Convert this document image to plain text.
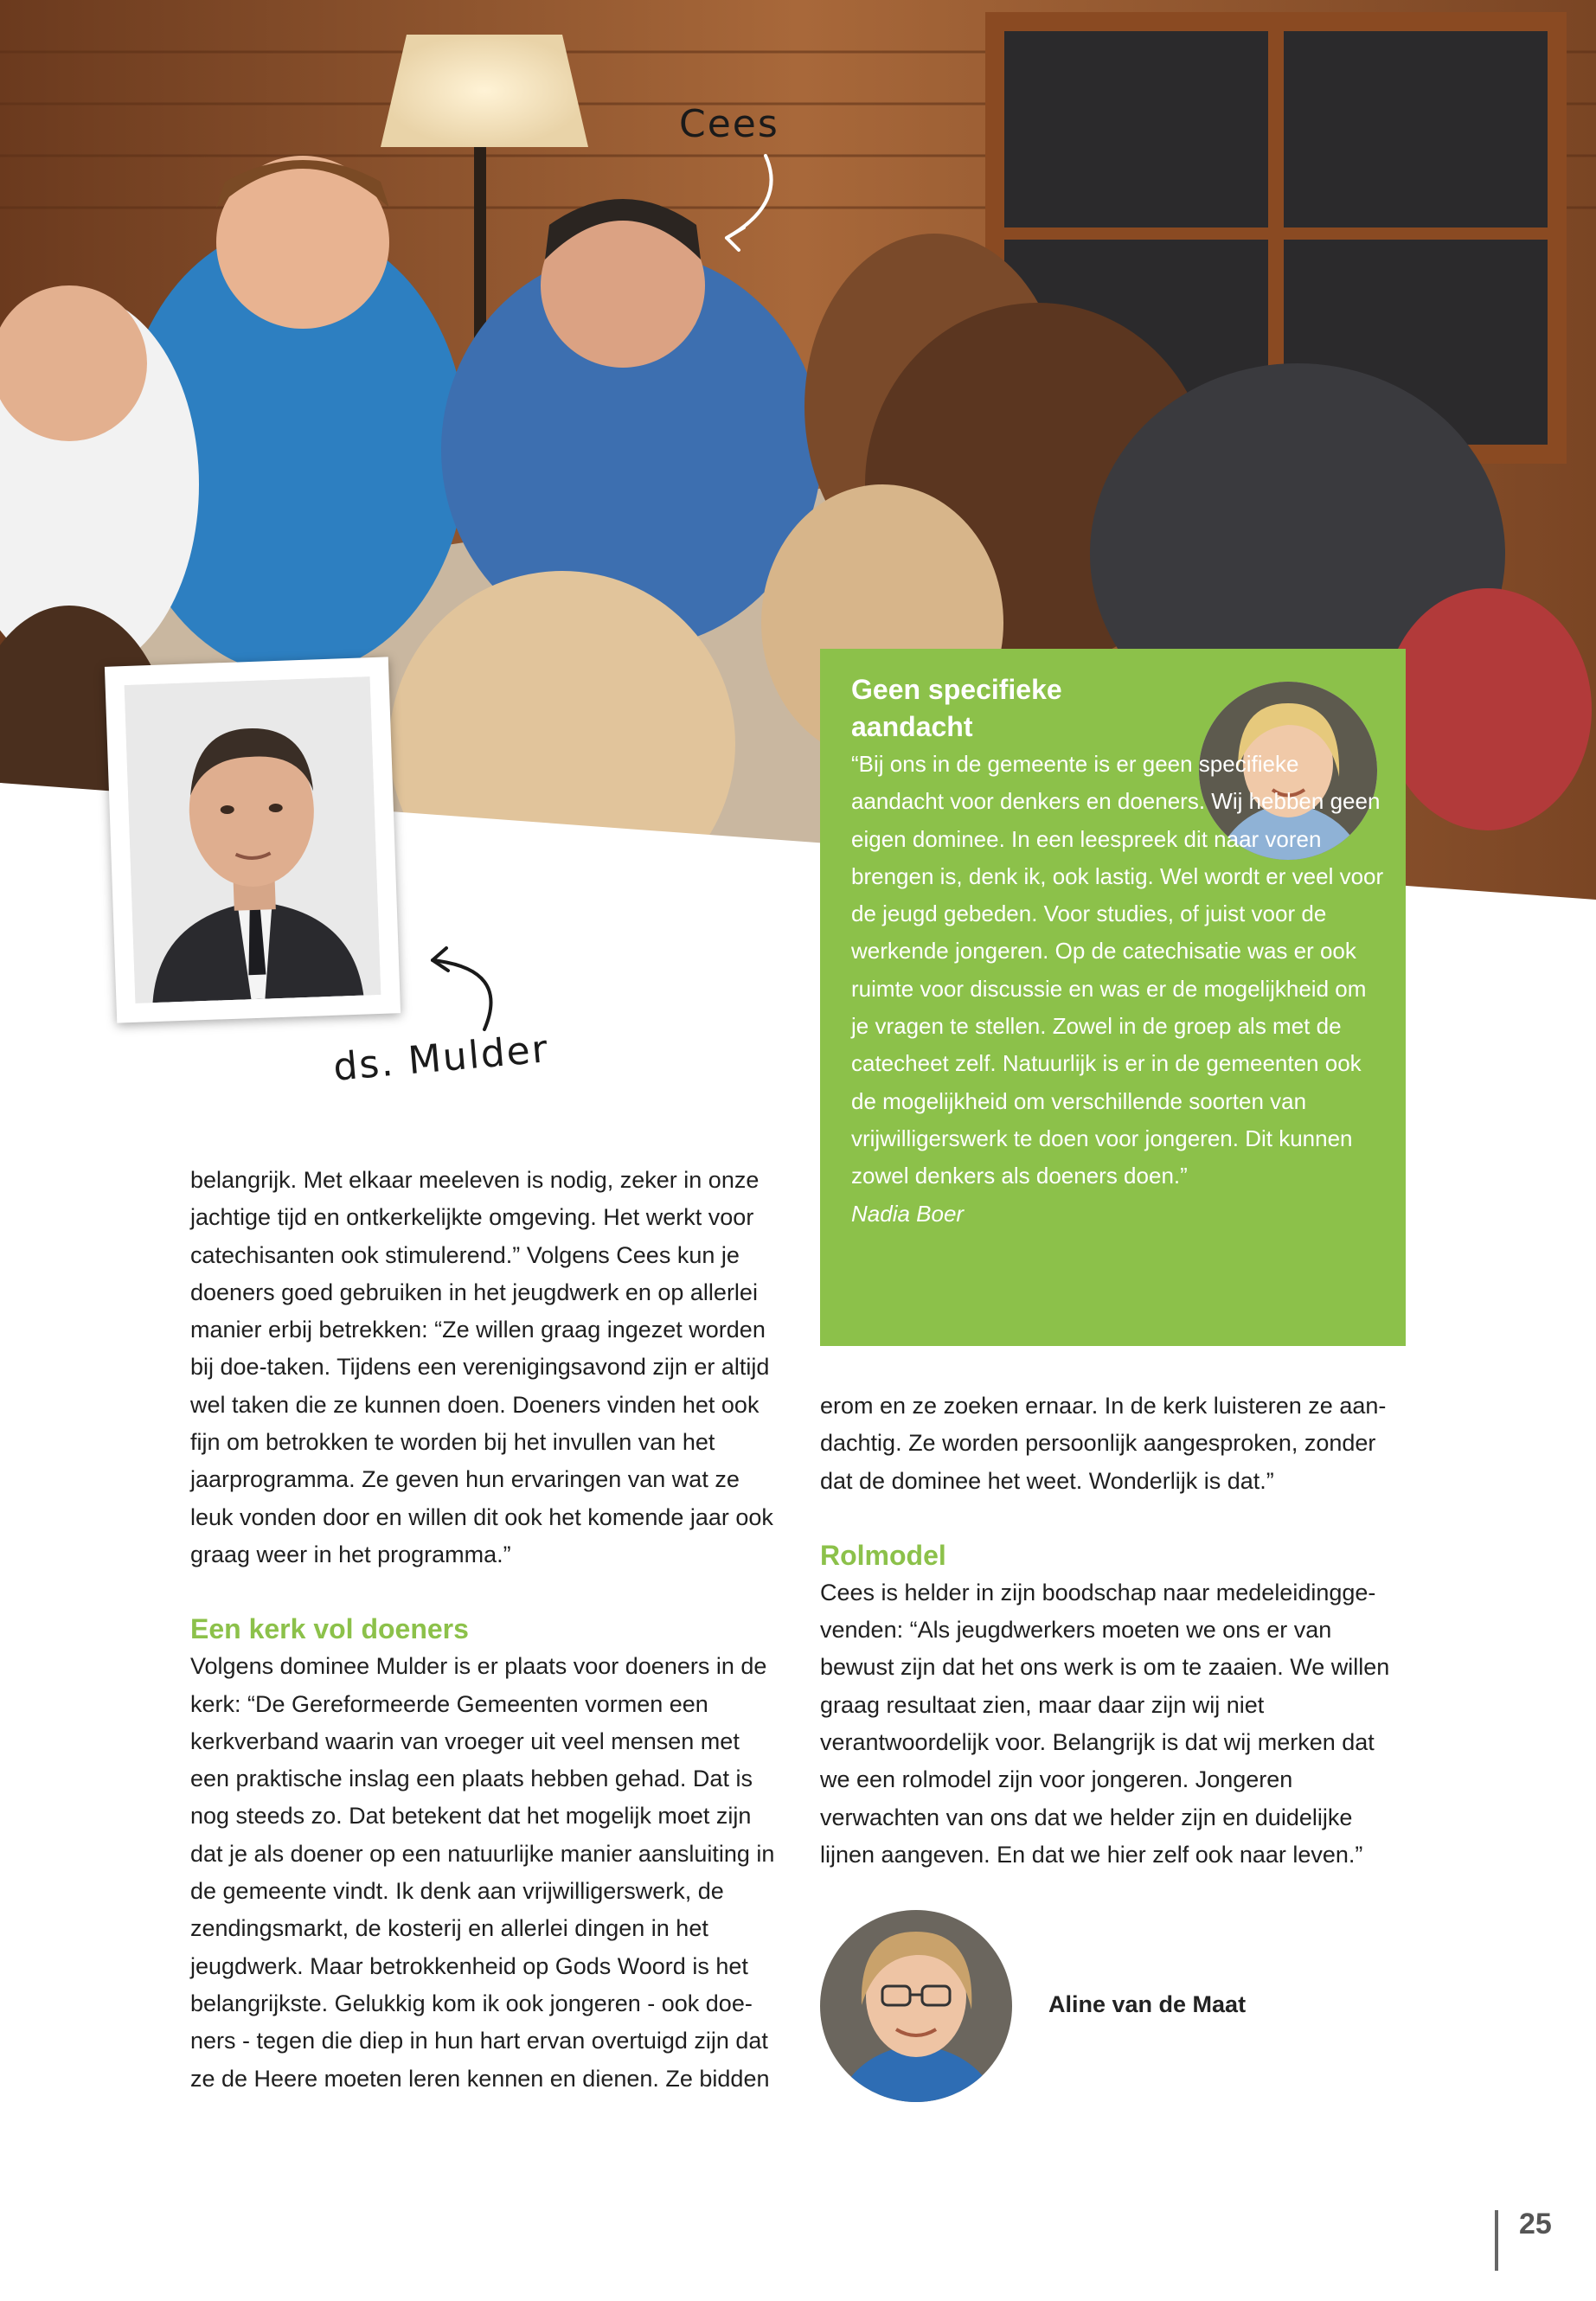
Cees
ds. Mulder
Geen specifieke aandacht

“Bij ons in de gemeente is er geen specifieke aandacht voor denkers en doeners. Wij hebben geen eigen dominee. In een leespreek dit naar voren brengen is, denk ik, ook lastig. Wel wordt er veel voor de jeugd gebeden. Voor studies, of juist voor de werkende jongeren. Op de catechisatie was er ook ruimte voor discussie en was er de mogelijkheid om je vragen te stellen. Zowel in de groep als met de catecheet zelf. Natuurlijk is er in de gemeenten ook de mogelijkheid om verschillende soorten van vrijwilligerswerk te doen voor jongeren. Dit kunnen zowel denkers als doeners doen.”

Nadia Boer

belangrijk. Met elkaar meeleven is nodig, zeker in onze jachtige tijd en ontkerkelijkte omgeving. Het werkt voor catechisanten ook stimulerend.” Volgens Cees kun je doeners goed gebruiken in het jeugdwerk en op allerlei manier erbij betrekken: “Ze willen graag ingezet worden bij doe-taken. Tijdens een verenigingsavond zijn er altijd wel taken die ze kunnen doen. Doeners vinden het ook fijn om betrokken te worden bij het invullen van het jaarprogramma. Ze geven hun ervaringen van wat ze leuk vonden door en willen dit ook het komende jaar ook graag weer in het programma.”

Een kerk vol doeners

Volgens dominee Mulder is er plaats voor doeners in de kerk: “De Gereformeerde Gemeenten vormen een kerkverband waarin van vroeger uit veel mensen met een praktische inslag een plaats hebben gehad. Dat is nog steeds zo. Dat betekent dat het mogelijk moet zijn dat je als doener op een natuurlijke manier aansluiting in de gemeente vindt. Ik denk aan vrijwilligerswerk, de zendingsmarkt, de kosterij en allerlei dingen in het jeugdwerk. Maar betrokkenheid op Gods Woord is het belangrijkste. Gelukkig kom ik ook jongeren - ook doe-ners - tegen die diep in hun hart ervan overtuigd zijn dat ze de Heere moeten leren kennen en dienen. Ze bidden

erom en ze zoeken ernaar. In de kerk luisteren ze aan-dachtig. Ze worden persoonlijk aangesproken, zonder dat de dominee het weet. Wonderlijk is dat.”

Rolmodel

Cees is helder in zijn boodschap naar medeleidingge-venden: “Als jeugdwerkers moeten we ons er van bewust zijn dat het ons werk is om te zaaien. We willen graag resultaat zien, maar daar zijn wij niet verantwoordelijk voor. Belangrijk is dat wij merken dat we een rolmodel zijn voor jongeren. Jongeren verwachten van ons dat we helder zijn en duidelijke lijnen aangeven. En dat we hier zelf ook naar leven.”

Aline van de Maat
25
